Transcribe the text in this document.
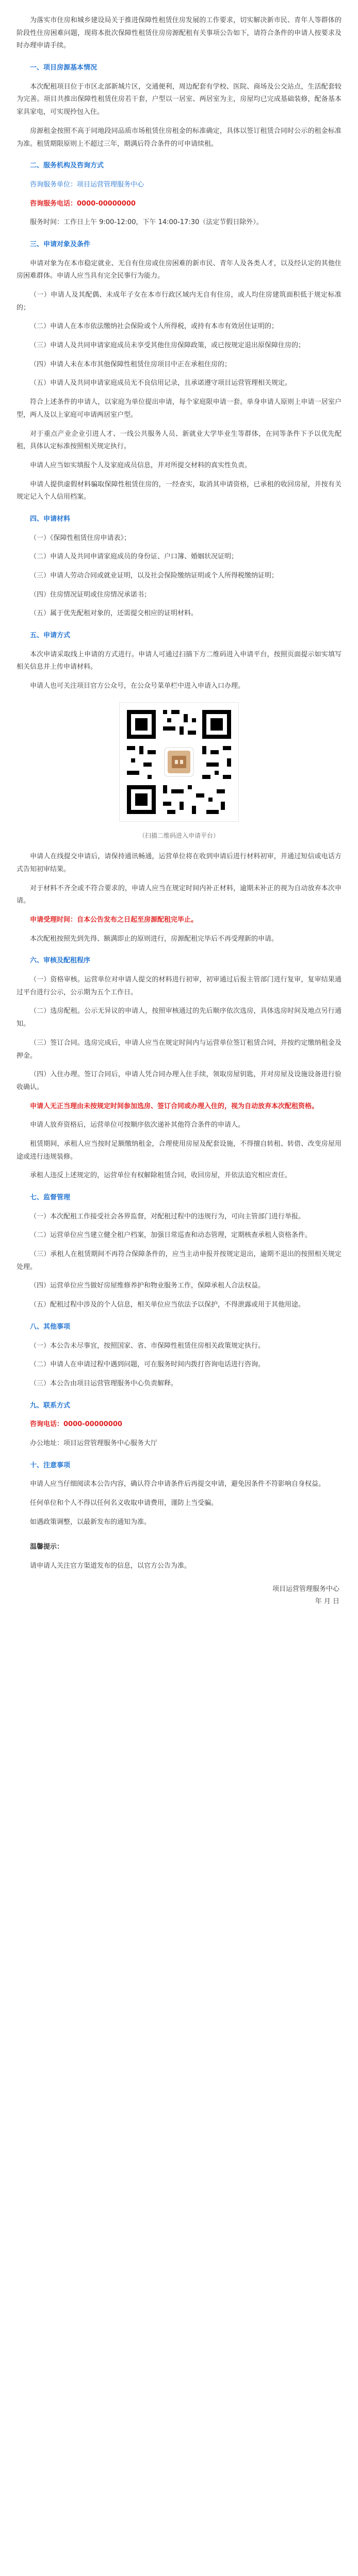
为落实市住房和城乡建设局关于推进保障性租赁住房发展的工作要求，切实解决新市民、青年人等群体的阶段性住房困难问题，现将本批次保障性租赁住房房源配租有关事项公告如下，请符合条件的申请人按要求及时办理申请手续。

一、项目房源基本情况

本次配租项目位于市区北部新城片区，交通便利，周边配套有学校、医院、商场及公交站点，生活配套较为完善。项目共推出保障性租赁住房若干套，户型以一居室、两居室为主，房屋均已完成基础装修，配备基本家具家电，可实现拎包入住。

房源租金按照不高于同地段同品质市场租赁住房租金的标准确定，具体以签订租赁合同时公示的租金标准为准。租赁期限原则上不超过三年，期满后符合条件的可申请续租。

二、服务机构及咨询方式

咨询服务单位：项目运营管理服务中心

咨询服务电话：0000-00000000

服务时间：工作日上午 9:00-12:00，下午 14:00-17:30（法定节假日除外）。

三、申请对象及条件

申请对象为在本市稳定就业、无自有住房或住房困难的新市民、青年人及各类人才，以及经认定的其他住房困难群体。申请人应当具有完全民事行为能力。

（一）申请人及其配偶、未成年子女在本市行政区域内无自有住房，或人均住房建筑面积低于规定标准的；

（二）申请人在本市依法缴纳社会保险或个人所得税，或持有本市有效居住证明的；

（三）申请人及共同申请家庭成员未享受其他住房保障政策，或已按规定退出原保障住房的；

（四）申请人未在本市其他保障性租赁住房项目中正在承租住房的；

（五）申请人及共同申请家庭成员无不良信用记录，且承诺遵守项目运营管理相关规定。

符合上述条件的申请人，以家庭为单位提出申请，每个家庭限申请一套。单身申请人原则上申请一居室户型，两人及以上家庭可申请两居室户型。

对于重点产业企业引进人才、一线公共服务人员、新就业大学毕业生等群体，在同等条件下予以优先配租，具体认定标准按照相关规定执行。

申请人应当如实填报个人及家庭成员信息，并对所提交材料的真实性负责。

申请人提供虚假材料骗取保障性租赁住房的，一经查实，取消其申请资格，已承租的收回房屋，并按有关规定记入个人信用档案。

四、申请材料

（一）《保障性租赁住房申请表》；

（二）申请人及共同申请家庭成员的身份证、户口簿、婚姻状况证明；

（三）申请人劳动合同或就业证明，以及社会保险缴纳证明或个人所得税缴纳证明；

（四）住房情况证明或住房情况承诺书；

（五）属于优先配租对象的，还需提交相应的证明材料。

五、申请方式

本次申请采取线上申请的方式进行。申请人可通过扫描下方二维码进入申请平台，按照页面提示如实填写相关信息并上传申请材料。

申请人也可关注项目官方公众号，在公众号菜单栏中进入申请入口办理。

（扫描二维码进入申请平台）

申请人在线提交申请后，请保持通讯畅通，运营单位将在收到申请后进行材料初审，并通过短信或电话方式告知初审结果。

对于材料不齐全或不符合要求的，申请人应当在规定时间内补正材料，逾期未补正的视为自动放弃本次申请。

申请受理时间：自本公告发布之日起至房源配租完毕止。

本次配租按照先到先得、额满即止的原则进行，房源配租完毕后不再受理新的申请。

六、审核及配租程序

（一）资格审核。运营单位对申请人提交的材料进行初审，初审通过后报主管部门进行复审，复审结果通过平台进行公示，公示期为五个工作日。

（二）选房配租。公示无异议的申请人，按照审核通过的先后顺序依次选房，具体选房时间及地点另行通知。

（三）签订合同。选房完成后，申请人应当在规定时间内与运营单位签订租赁合同，并按约定缴纳租金及押金。

（四）入住办理。签订合同后，申请人凭合同办理入住手续，领取房屋钥匙，并对房屋及设施设备进行验收确认。

申请人无正当理由未按规定时间参加选房、签订合同或办理入住的，视为自动放弃本次配租资格。

申请人放弃资格后，运营单位可按顺序依次递补其他符合条件的申请人。

租赁期间，承租人应当按时足额缴纳租金，合理使用房屋及配套设施，不得擅自转租、转借、改变房屋用途或进行违规装修。

承租人违反上述规定的，运营单位有权解除租赁合同，收回房屋，并依法追究相应责任。

七、监督管理

（一）本次配租工作接受社会各界监督，对配租过程中的违规行为，可向主管部门进行举报。

（二）运营单位应当建立健全租户档案，加强日常巡查和动态管理，定期核查承租人资格条件。

（三）承租人在租赁期间不再符合保障条件的，应当主动申报并按规定退出，逾期不退出的按照相关规定处理。

（四）运营单位应当做好房屋维修养护和物业服务工作，保障承租人合法权益。

（五）配租过程中涉及的个人信息，相关单位应当依法予以保护，不得泄露或用于其他用途。

八、其他事项

（一）本公告未尽事宜，按照国家、省、市保障性租赁住房相关政策规定执行。

（二）申请人在申请过程中遇到问题，可在服务时间内拨打咨询电话进行咨询。

（三）本公告由项目运营管理服务中心负责解释。

九、联系方式

咨询电话：0000-00000000

办公地址：项目运营管理服务中心服务大厅

十、注意事项

申请人应当仔细阅读本公告内容，确认符合申请条件后再提交申请，避免因条件不符影响自身权益。

任何单位和个人不得以任何名义收取申请费用，谨防上当受骗。

如遇政策调整，以最新发布的通知为准。

温馨提示：

请申请人关注官方渠道发布的信息，以官方公告为准。

项目运营管理服务中心

年 月 日
